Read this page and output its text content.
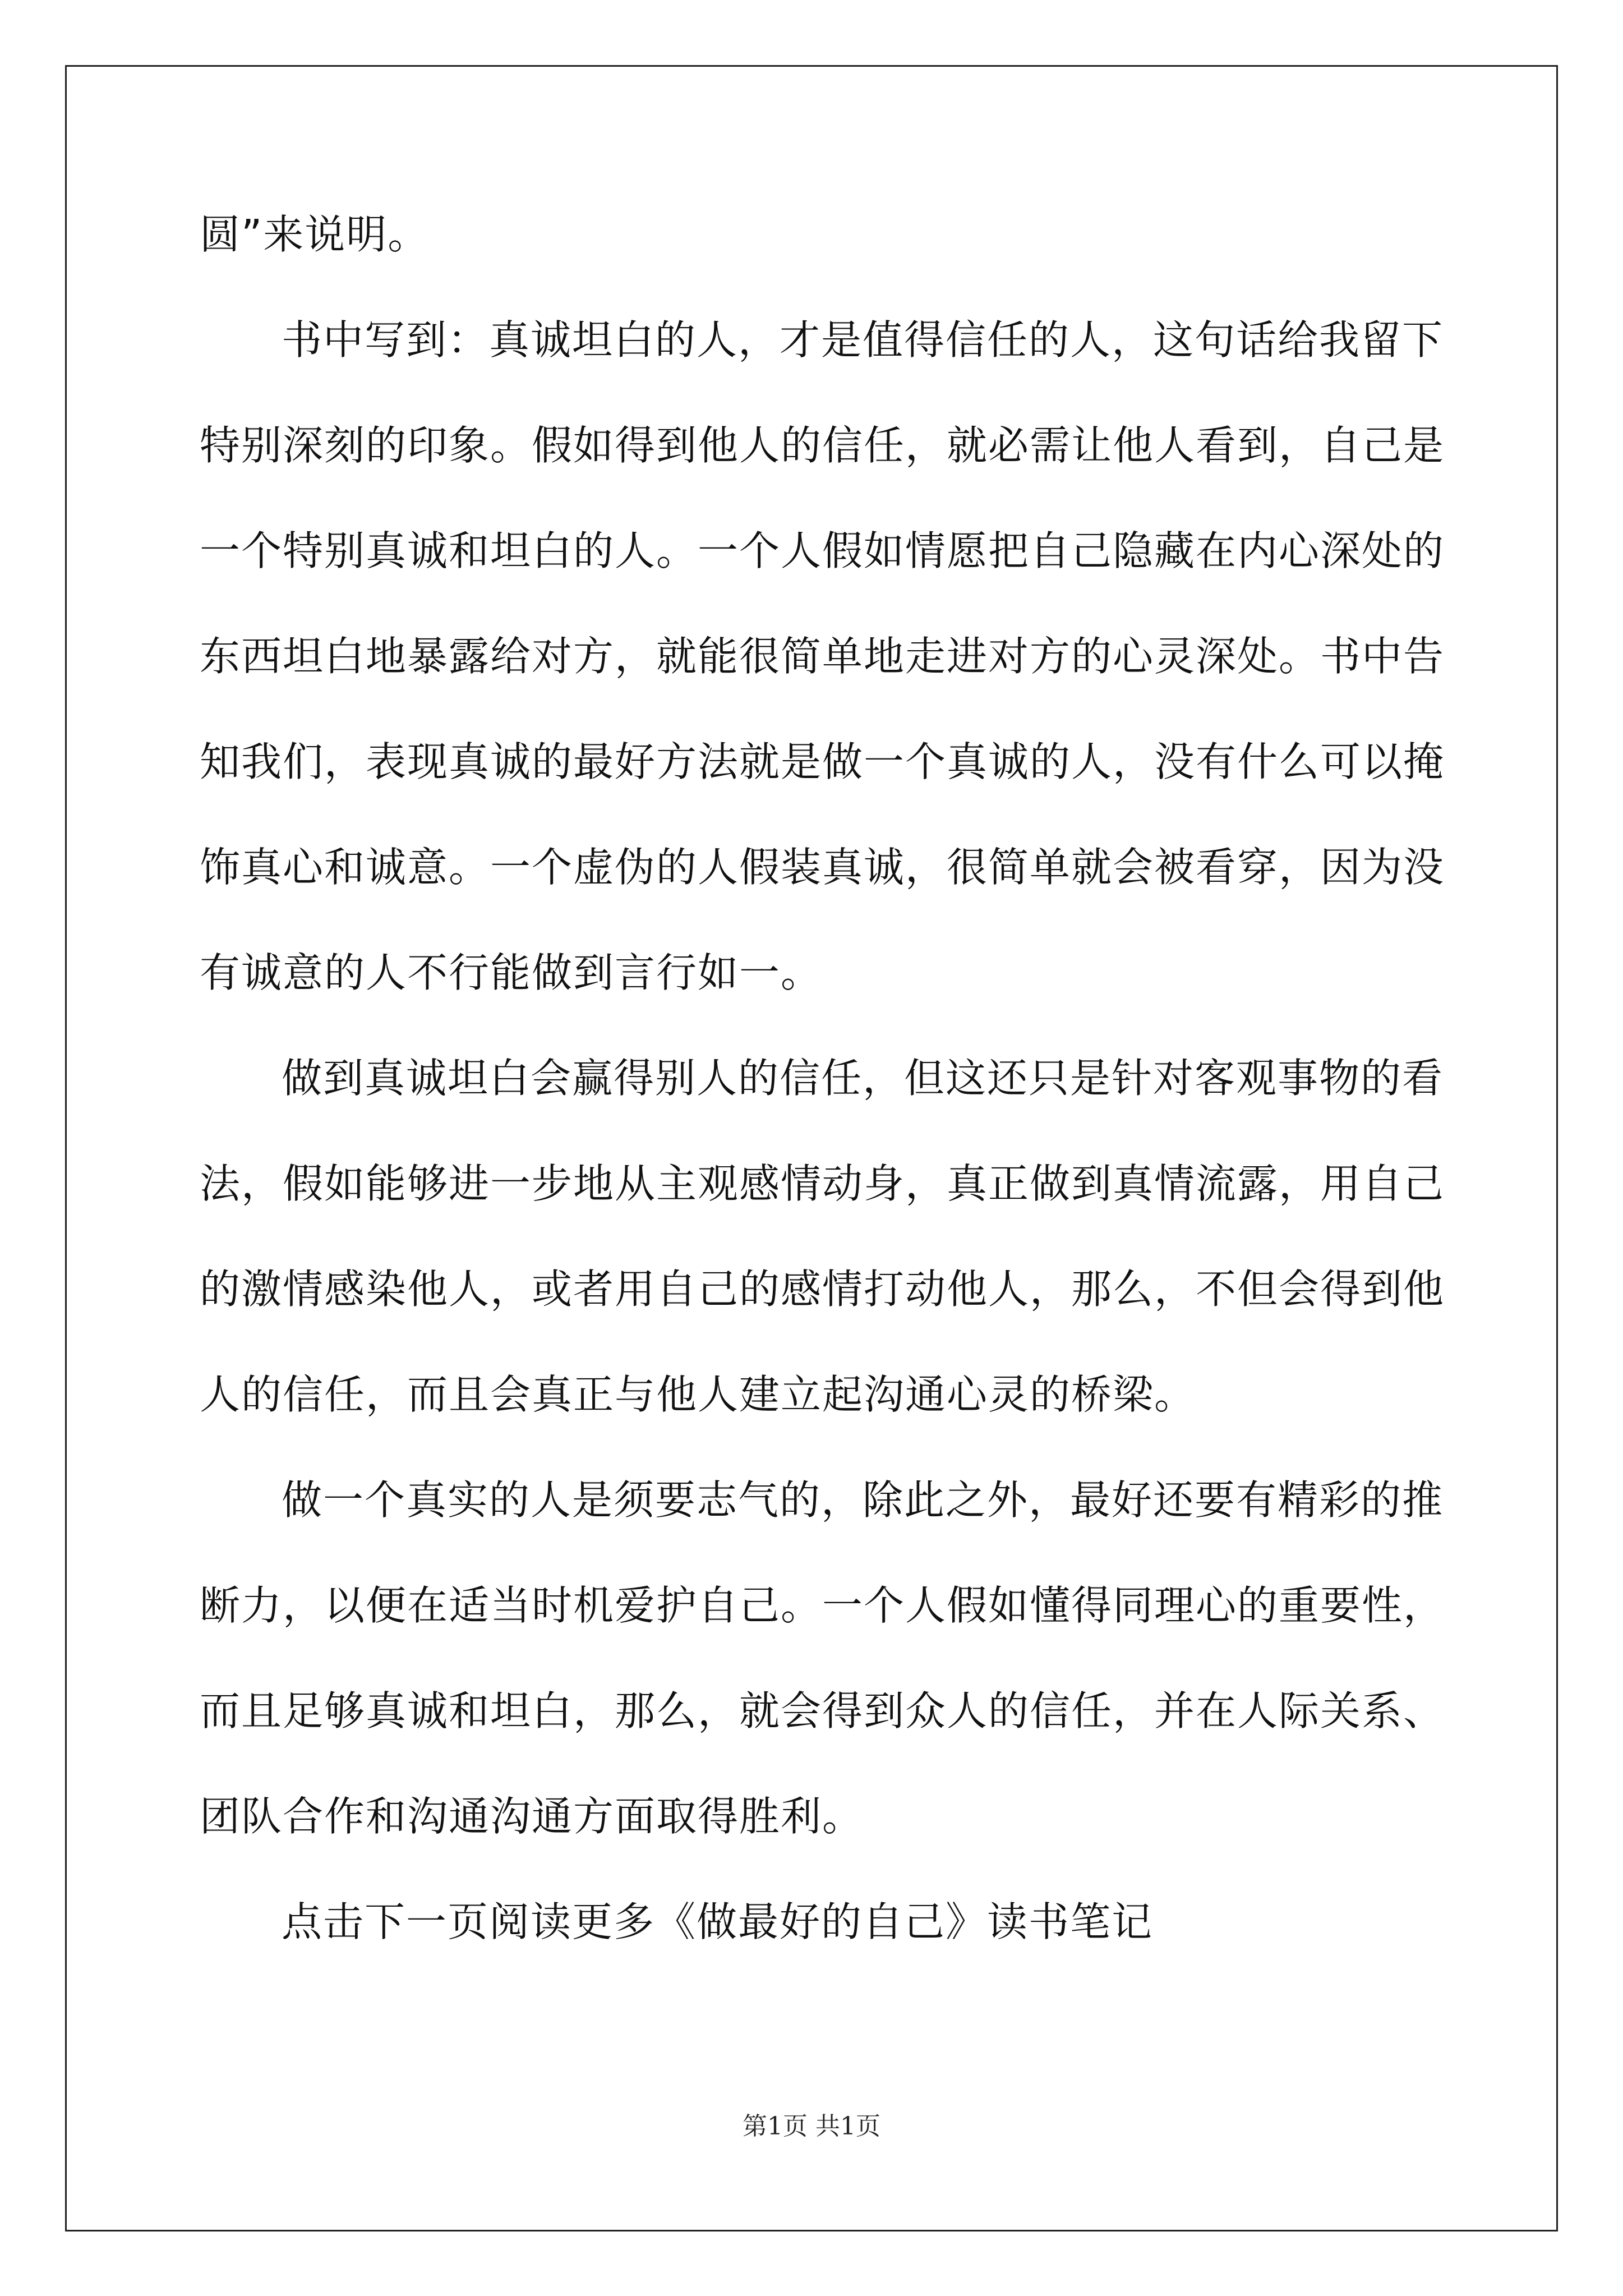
圆”来说明。
书中写到：真诚坦白的人，才是值得信任的人，这句话给我留下
特别深刻的印象。假如得到他人的信任，就必需让他人看到，自己是
一个特别真诚和坦白的人。一个人假如情愿把自己隐藏在内心深处的
东西坦白地暴露给对方，就能很简单地走进对方的心灵深处。书中告
知我们，表现真诚的最好方法就是做一个真诚的人，没有什么可以掩
饰真心和诚意。一个虚伪的人假装真诚，很简单就会被看穿，因为没
有诚意的人不行能做到言行如一。
做到真诚坦白会赢得别人的信任，但这还只是针对客观事物的看
法，假如能够进一步地从主观感情动身，真正做到真情流露，用自己
的激情感染他人，或者用自己的感情打动他人，那么，不但会得到他
人的信任，而且会真正与他人建立起沟通心灵的桥梁。
做一个真实的人是须要志气的，除此之外，最好还要有精彩的推
断力，以便在适当时机爱护自己。一个人假如懂得同理心的重要性，
而且足够真诚和坦白，那么，就会得到众人的信任，并在人际关系、
团队合作和沟通沟通方面取得胜利。
点击下一页阅读更多《做最好的自己》读书笔记
第1页 共1页
